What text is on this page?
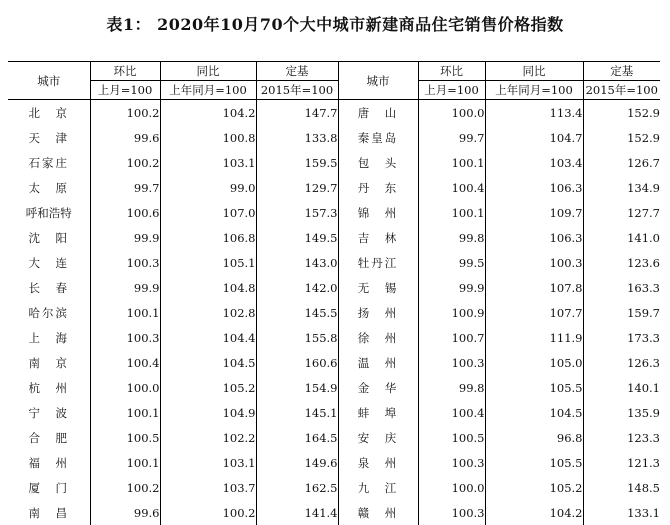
表1： 2020年10月70个大中城市新建商品住宅销售价格指数
城市	环比	同比	定基	城市	环比	同比	定基
	上月=100	上年同月=100	2015年=100		上月=100	上年同月=100	2015年=100
北　京	100.2	104.2	147.7	唐　山	100.0	113.4	152.9
天　津	99.6	100.8	133.8	秦皇岛	99.7	104.7	152.9
石家庄	100.2	103.1	159.5	包　头	100.1	103.4	126.7
太　原	99.7	99.0	129.7	丹　东	100.4	106.3	134.9
呼和浩特	100.6	107.0	157.3	锦　州	100.1	109.7	127.7
沈　阳	99.9	106.8	149.5	吉　林	99.8	106.3	141.0
大　连	100.3	105.1	143.0	牡丹江	99.5	100.3	123.6
长　春	99.9	104.8	142.0	无　锡	99.9	107.8	163.3
哈尔滨	100.1	102.8	145.5	扬　州	100.9	107.7	159.7
上　海	100.3	104.4	155.8	徐　州	100.7	111.9	173.3
南　京	100.4	104.5	160.6	温　州	100.3	105.0	126.3
杭　州	100.0	105.2	154.9	金　华	99.8	105.5	140.1
宁　波	100.1	104.9	145.1	蚌　埠	100.4	104.5	135.9
合　肥	100.5	102.2	164.5	安　庆	100.5	96.8	123.3
福　州	100.1	103.1	149.6	泉　州	100.3	105.5	121.3
厦　门	100.2	103.7	162.5	九　江	100.0	105.2	148.5
南　昌	99.6	100.2	141.4	赣　州	100.3	104.2	133.1
